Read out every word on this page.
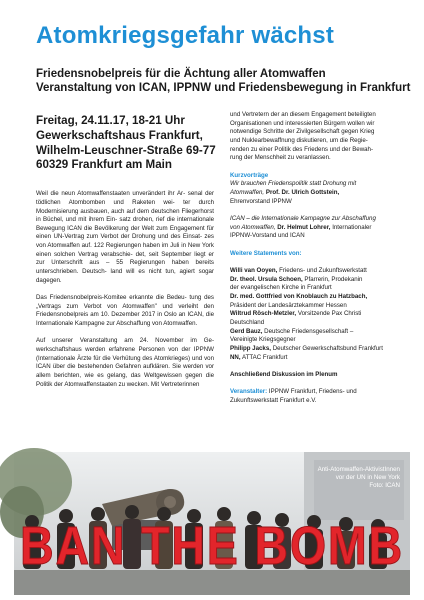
Atomkriegsgefahr wächst
Friedensnobelpreis für die Ächtung aller Atomwaffen
Veranstaltung von ICAN, IPPNW und Friedensbewegung in Frankfurt
Freitag, 24.11.17, 18-21 Uhr
Gewerkschaftshaus Frankfurt,
Wilhelm-Leuschner-Straße 69-77
60329 Frankfurt am Main
Weil die neun Atomwaffenstaaten unverändert ihr Ar- senal der tödlichen Atombomben und Raketen wei- ter durch Modernisierung ausbauen, auch auf dem deutschen Fliegerhorst in Büchel, und mit ihrem Ein- satz drohen, rief die internationale Bewegung ICAN die Bevölkerung der Welt zum Engagement für einen UN-Vertrag zum Verbot der Drohung und des Einsat- zes von Atomwaffen auf. 122 Regierungen haben im Juli in New York einen solchen Vertrag verabschie- det, seit September liegt er zur Unterschrift aus – 55 Regierungen haben bereits unterschrieben. Deutsch- land will es nicht tun, agiert sogar dagegen.
Das Friedensnobelpreis-Komitee erkannte die Bedeu- tung des „Vertrags zum Verbot von Atomwaffen" und verleiht den Friedensnobelpreis am 10. Dezember 2017 in Oslo an ICAN, die Internationale Kampagne zur Abschaffung von Atomwaffen.
Auf unserer Veranstaltung am 24. November im Ge- werkschaftshaus werden erfahrene Personen von der IPPNW (Internationale Ärzte für die Verhütung des Atomkrieges) und von ICAN über die bestehenden Gefahren aufklären. Sie werden vor allem berichten, wie es gelang, das Weltgewissen gegen die Politik der Atomwaffenstaaten zu wecken. Mit Vertreterinnen
und Vertretern der an diesem Engagement beteiligten
Organisationen und interessierten Bürgern wollen wir
notwendige Schritte der Zivilgesellschaft gegen Krieg
und Nuklearbewaffnung diskutieren, um die Regie-
renden zu einer Politik des Friedens und der Bewah-
rung der Menschheit zu veranlassen.
Kurzvorträge
Wir brauchen Friedenspolitik statt Drohung mit
Atomwaffen, Prof. Dr. Ulrich Gottstein,
Ehrenvorstand IPPNW
ICAN – die Internationale Kampagne zur Abschaffung
von Atomwaffen, Dr. Helmut Lohrer, Internationaler
IPPNW-Vorstand und ICAN
Weitere Statements von:
Willi van Ooyen, Friedens- und Zukunftswerkstatt
Dr. theol. Ursula Schoen, Pfarrerin, Prodekanin
der evangelischen Kirche in Frankfurt
Dr. med. Gottfried von Knoblauch zu Hatzbach,
Präsident der Landesärztekammer Hessen
Wiltrud Rösch-Metzler, Vorsitzende Pax Christi
Deutschland
Gerd Bauz, Deutsche Friedensgesellschaft –
Vereinigte Kriegsgegner
Philipp Jacks, Deutscher Gewerkschaftsbund Frankfurt
NN, ATTAC Frankfurt
Anschließend Diskussion im Plenum
Veranstalter: IPPNW Frankfurt, Friedens- und
Zukunftswerkstatt Frankfurt e.V.
BAN THE BOMB
Anti-Atomwaffen-AktivistInnen
vor der UN in New York
Foto: ICAN
